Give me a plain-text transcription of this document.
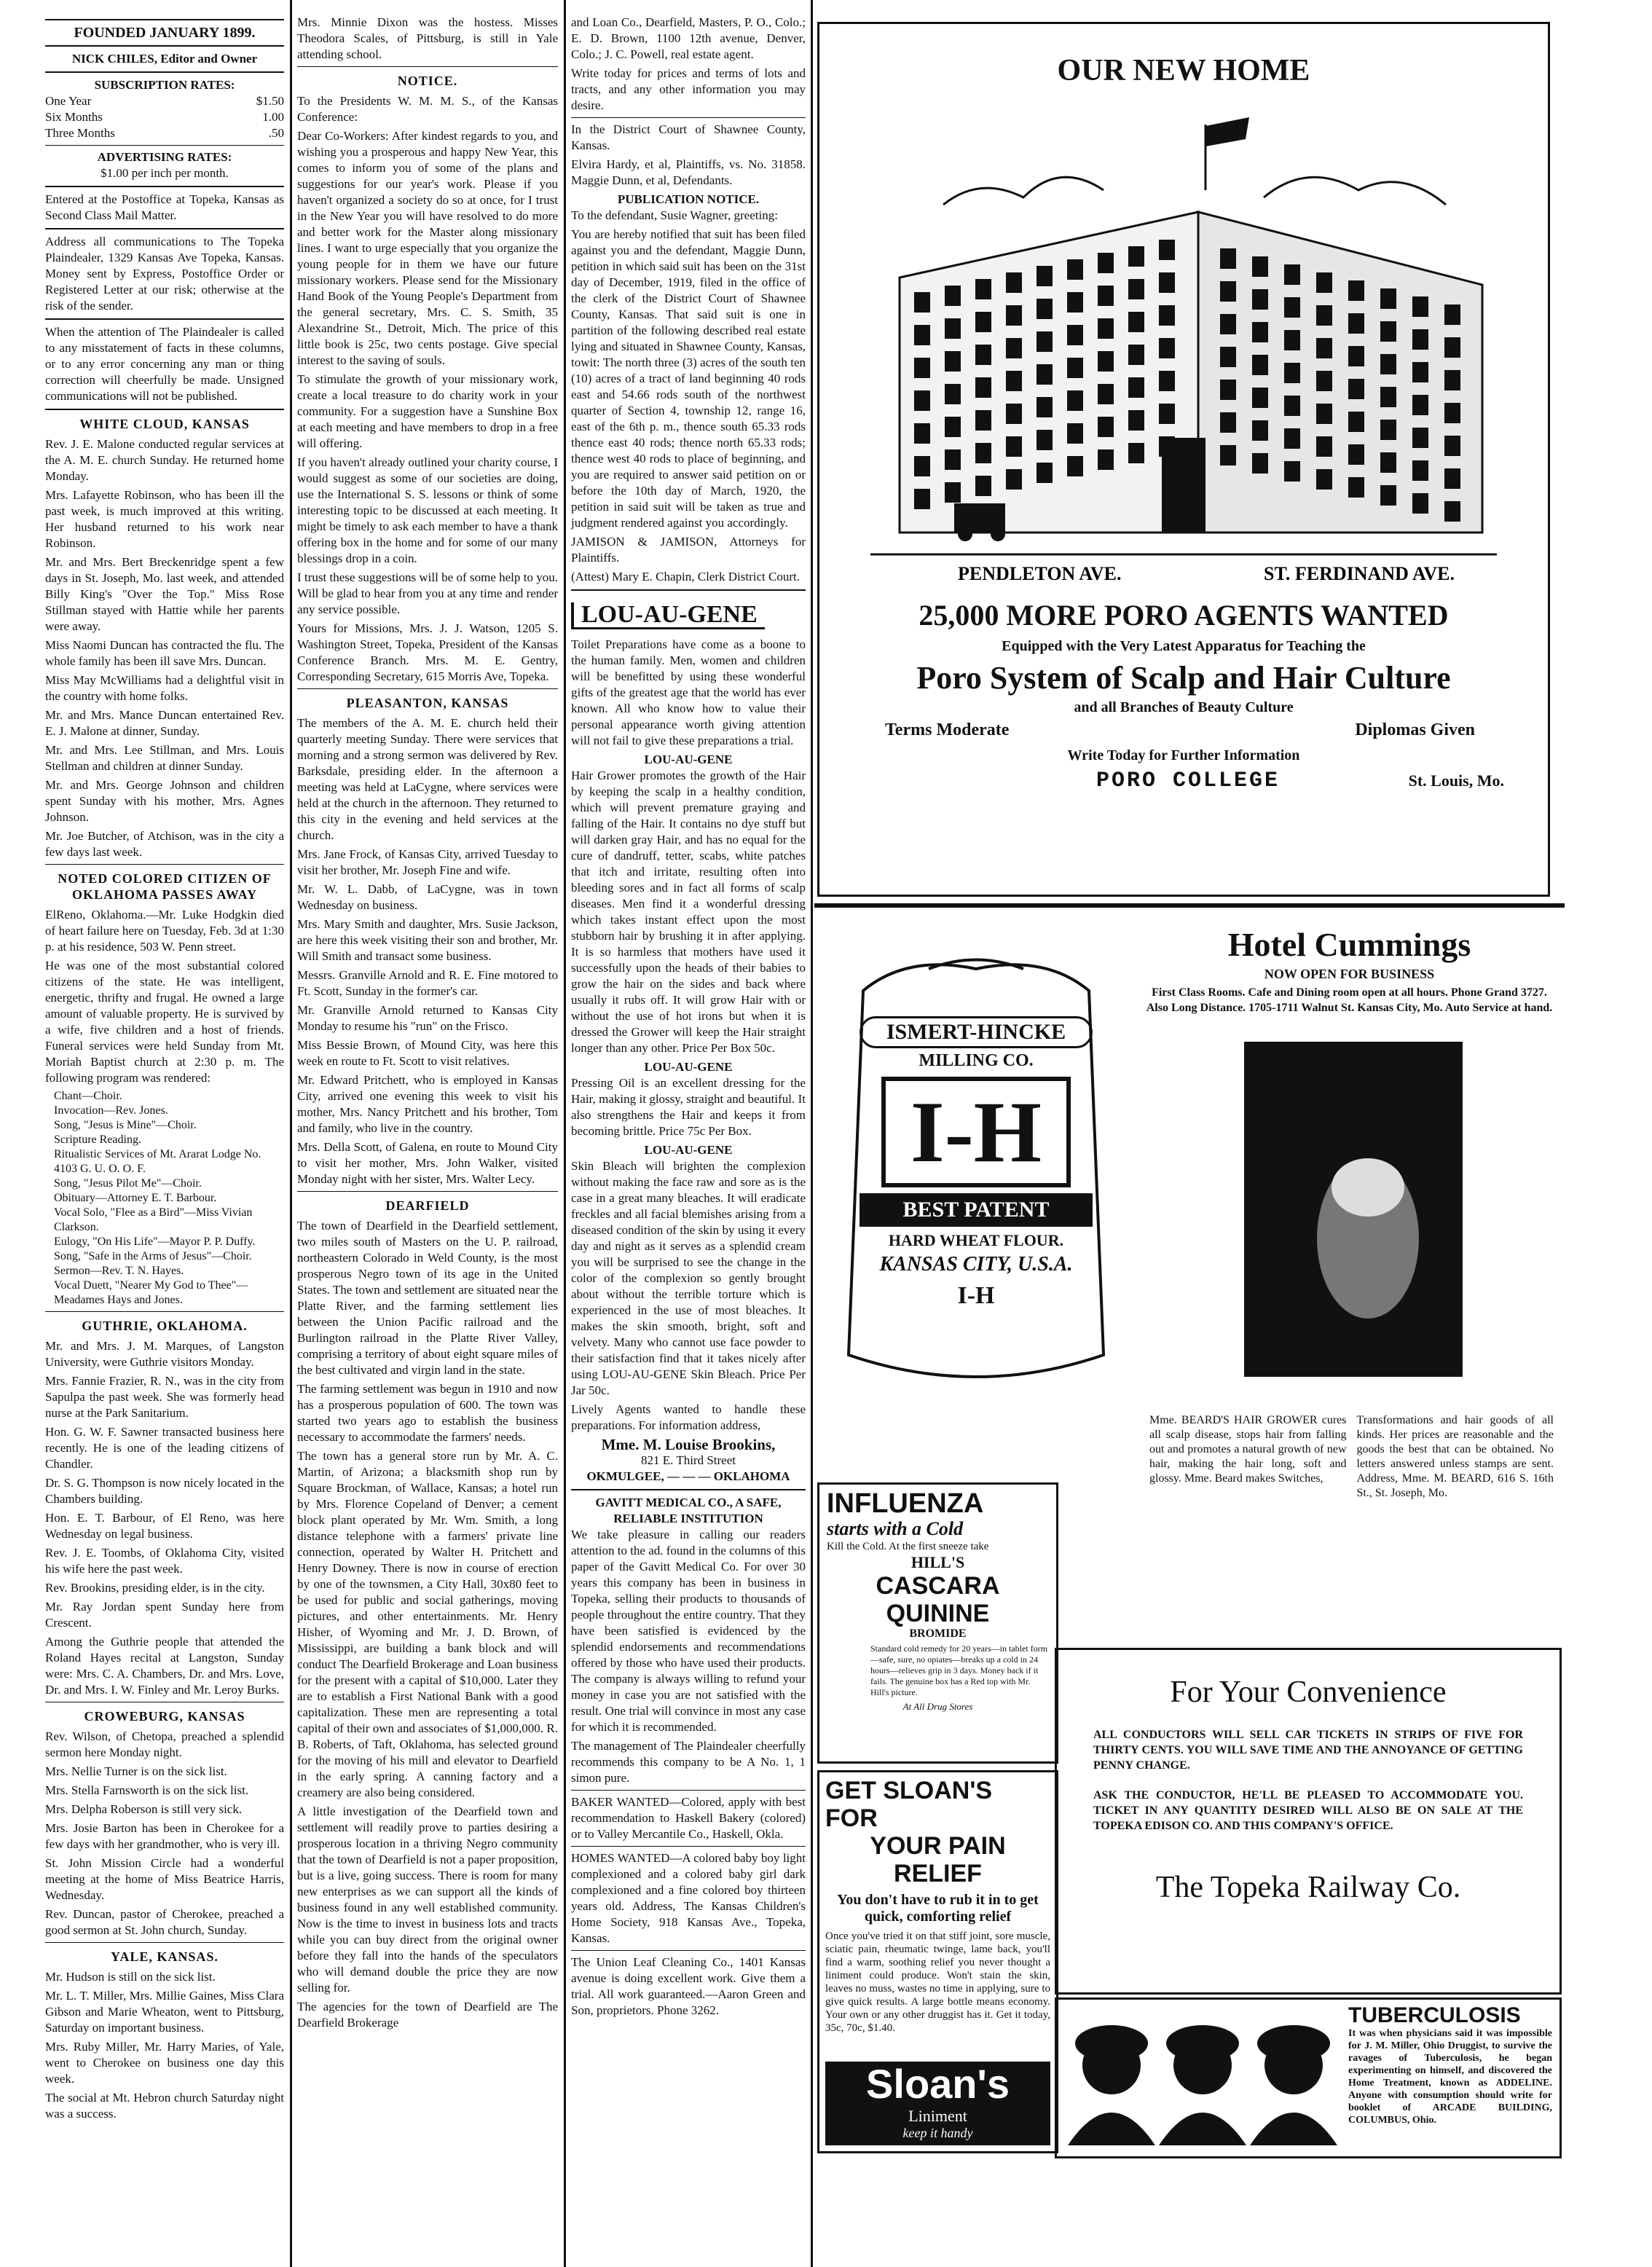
FOUNDED JANUARY 1899.
NICK CHILES, Editor and Owner
SUBSCRIPTION RATES:
One Year	$1.50
Six Months	1.00
Three Months	.50
ADVERTISING RATES:
$1.00 per inch per month.

Entered at the Postoffice at Topeka, Kansas as Second Class Mail Matter.

Address all communications to The Topeka Plaindealer, 1329 Kansas Ave Topeka, Kansas. Money sent by Express, Postoffice Order or Registered Letter at our risk; otherwise at the risk of the sender.

When the attention of The Plaindealer is called to any misstatement of facts in these columns, or to any error concerning any man or thing correction will cheerfully be made. Unsigned communications will not be published.

WHITE CLOUD, KANSAS

Rev. J. E. Malone conducted regular services at the A. M. E. church Sunday. He returned home Monday.

Mrs. Lafayette Robinson, who has been ill the past week, is much improved at this writing. Her husband returned to his work near Robinson.

Mr. and Mrs. Bert Breckenridge spent a few days in St. Joseph, Mo. last week, and attended Billy King's "Over the Top." Miss Rose Stillman stayed with Hattie while her parents were away.

Miss Naomi Duncan has contracted the flu. The whole family has been ill save Mrs. Duncan.

Miss May McWilliams had a delightful visit in the country with home folks.

Mr. and Mrs. Mance Duncan entertained Rev. E. J. Malone at dinner, Sunday.

Mr. and Mrs. Lee Stillman, and Mrs. Louis Stellman and children at dinner Sunday.

Mr. and Mrs. George Johnson and children spent Sunday with his mother, Mrs. Agnes Johnson.

Mr. Joe Butcher, of Atchison, was in the city a few days last week.

NOTED COLORED CITIZEN OF OKLAHOMA PASSES AWAY

ElReno, Oklahoma.—Mr. Luke Hodgkin died of heart failure here on Tuesday, Feb. 3d at 1:30 p. at his residence, 503 W. Penn street.

He was one of the most substantial colored citizens of the state. He was intelligent, energetic, thrifty and frugal. He owned a large amount of valuable property. He is survived by a wife, five children and a host of friends. Funeral services were held Sunday from Mt. Moriah Baptist church at 2:30 p. m. The following program was rendered:

Chant—Choir.
Invocation—Rev. Jones.
Song, "Jesus is Mine"—Choir.
Scripture Reading.
Ritualistic Services of Mt. Ararat Lodge No. 4103 G. U. O. O. F.
Song, "Jesus Pilot Me"—Choir.
Obituary—Attorney E. T. Barbour.
Vocal Solo, "Flee as a Bird"—Miss Vivian Clarkson.
Eulogy, "On His Life"—Mayor P. P. Duffy.
Song, "Safe in the Arms of Jesus"—Choir.
Sermon—Rev. T. N. Hayes.
Vocal Duett, "Nearer My God to Thee"—Meadames Hays and Jones.
GUTHRIE, OKLAHOMA.

Mr. and Mrs. J. M. Marques, of Langston University, were Guthrie visitors Monday.

Mrs. Fannie Frazier, R. N., was in the city from Sapulpa the past week. She was formerly head nurse at the Park Sanitarium.

Hon. G. W. F. Sawner transacted business here recently. He is one of the leading citizens of Chandler.

Dr. S. G. Thompson is now nicely located in the Chambers building.

Hon. E. T. Barbour, of El Reno, was here Wednesday on legal business.

Rev. J. E. Toombs, of Oklahoma City, visited his wife here the past week.

Rev. Brookins, presiding elder, is in the city.

Mr. Ray Jordan spent Sunday here from Crescent.

Among the Guthrie people that attended the Roland Hayes recital at Langston, Sunday were: Mrs. C. A. Chambers, Dr. and Mrs. Love, Dr. and Mrs. I. W. Finley and Mr. Leroy Burks.

CROWEBURG, KANSAS

Rev. Wilson, of Chetopa, preached a splendid sermon here Monday night.

Mrs. Nellie Turner is on the sick list.

Mrs. Stella Farnsworth is on the sick list.

Mrs. Delpha Roberson is still very sick.

Mrs. Josie Barton has been in Cherokee for a few days with her grandmother, who is very ill.

St. John Mission Circle had a wonderful meeting at the home of Miss Beatrice Harris, Wednesday.

Rev. Duncan, pastor of Cherokee, preached a good sermon at St. John church, Sunday.

YALE, KANSAS.

Mr. Hudson is still on the sick list.

Mr. L. T. Miller, Mrs. Millie Gaines, Miss Clara Gibson and Marie Wheaton, went to Pittsburg, Saturday on important business.

Mrs. Ruby Miller, Mr. Harry Maries, of Yale, went to Cherokee on business one day this week.

The social at Mt. Hebron church Saturday night was a success.

Mrs. Minnie Dixon was the hostess. Misses Theodora Scales, of Pittsburg, is still in Yale attending school.

NOTICE.

To the Presidents W. M. M. S., of the Kansas Conference:

Dear Co-Workers: After kindest regards to you, and wishing you a prosperous and happy New Year, this comes to inform you of some of the plans and suggestions for our year's work. Please if you haven't organized a society do so at once, for I trust in the New Year you will have resolved to do more and better work for the Master along missionary lines. I want to urge especially that you organize the young people for in them we have our future missionary workers. Please send for the Missionary Hand Book of the Young People's Department from the general secretary, Mrs. C. S. Smith, 35 Alexandrine St., Detroit, Mich. The price of this little book is 25c, two cents postage. Give special interest to the saving of souls.

To stimulate the growth of your missionary work, create a local treasure to do charity work in your community. For a suggestion have a Sunshine Box at each meeting and have members to drop in a free will offering.

If you haven't already outlined your charity course, I would suggest as some of our societies are doing, use the International S. S. lessons or think of some interesting topic to be discussed at each meeting. It might be timely to ask each member to have a thank offering box in the home and for some of our many blessings drop in a coin.

I trust these suggestions will be of some help to you. Will be glad to hear from you at any time and render any service possible.

Yours for Missions, Mrs. J. J. Watson, 1205 S. Washington Street, Topeka, President of the Kansas Conference Branch. Mrs. M. E. Gentry, Corresponding Secretary, 615 Morris Ave, Topeka.

PLEASANTON, KANSAS

The members of the A. M. E. church held their quarterly meeting Sunday. There were services that morning and a strong sermon was delivered by Rev. Barksdale, presiding elder. In the afternoon a meeting was held at LaCygne, where services were held at the church in the afternoon. They returned to this city in the evening and held services at the church.

Mrs. Jane Frock, of Kansas City, arrived Tuesday to visit her brother, Mr. Joseph Fine and wife.

Mr. W. L. Dabb, of LaCygne, was in town Wednesday on business.

Mrs. Mary Smith and daughter, Mrs. Susie Jackson, are here this week visiting their son and brother, Mr. Will Smith and transact some business.

Messrs. Granville Arnold and R. E. Fine motored to Ft. Scott, Sunday in the former's car.

Mr. Granville Arnold returned to Kansas City Monday to resume his "run" on the Frisco.

Miss Bessie Brown, of Mound City, was here this week en route to Ft. Scott to visit relatives.

Mr. Edward Pritchett, who is employed in Kansas City, arrived one evening this week to visit his mother, Mrs. Nancy Pritchett and his brother, Tom and family, who live in the country.

Mrs. Della Scott, of Galena, en route to Mound City to visit her mother, Mrs. John Walker, visited Monday night with her sister, Mrs. Walter Lecy.

DEARFIELD

The town of Dearfield in the Dearfield settlement, two miles south of Masters on the U. P. railroad, northeastern Colorado in Weld County, is the most prosperous Negro town of its age in the United States. The town and settlement are situated near the Platte River, and the farming settlement lies between the Union Pacific railroad and the Burlington railroad in the Platte River Valley, comprising a territory of about eight square miles of the best cultivated and virgin land in the state.

The farming settlement was begun in 1910 and now has a prosperous population of 600. The town was started two years ago to establish the business necessary to accommodate the farmers' needs.

The town has a general store run by Mr. A. C. Martin, of Arizona; a blacksmith shop run by Square Brockman, of Wallace, Kansas; a hotel run by Mrs. Florence Copeland of Denver; a cement block plant operated by Mr. Wm. Smith, a long distance telephone with a farmers' private line connection, operated by Walter H. Pritchett and Henry Downey. There is now in course of erection by one of the townsmen, a City Hall, 30x80 feet to be used for public and social gatherings, moving pictures, and other entertainments. Mr. Henry Hisher, of Wyoming and Mr. J. D. Brown, of Mississippi, are building a bank block and will conduct The Dearfield Brokerage and Loan business for the present with a capital of $10,000. Later they are to establish a First National Bank with a good capitalization. These men are representing a total capital of their own and associates of $1,000,000. R. B. Roberts, of Taft, Oklahoma, has selected ground for the moving of his mill and elevator to Dearfield in the early spring. A canning factory and a creamery are also being considered.

A little investigation of the Dearfield town and settlement will readily prove to parties desiring a prosperous location in a thriving Negro community that the town of Dearfield is not a paper proposition, but is a live, going success. There is room for many new enterprises as we can support all the kinds of business found in any well established community. Now is the time to invest in business lots and tracts while you can buy direct from the original owner before they fall into the hands of the speculators who will demand double the price they are now selling for.

The agencies for the town of Dearfield are The Dearfield Brokerage

and Loan Co., Dearfield, Masters, P. O., Colo.; E. D. Brown, 1100 12th avenue, Denver, Colo.; J. C. Powell, real estate agent.

Write today for prices and terms of lots and tracts, and any other information you may desire.

In the District Court of Shawnee County, Kansas.

Elvira Hardy, et al, Plaintiffs, vs. No. 31858. Maggie Dunn, et al, Defendants.

PUBLICATION NOTICE.

To the defendant, Susie Wagner, greeting:

You are hereby notified that suit has been filed against you and the defendant, Maggie Dunn, petition in which said suit has been on the 31st day of December, 1919, filed in the office of the clerk of the District Court of Shawnee County, Kansas. That said suit is one in partition of the following described real estate lying and situated in Shawnee County, Kansas, towit: The north three (3) acres of the south ten (10) acres of a tract of land beginning 40 rods east and 54.66 rods south of the northwest quarter of Section 4, township 12, range 16, east of the 6th p. m., thence south 65.33 rods thence east 40 rods; thence north 65.33 rods; thence west 40 rods to place of beginning, and you are required to answer said petition on or before the 10th day of March, 1920, the petition in said suit will be taken as true and judgment rendered against you accordingly.

JAMISON & JAMISON, Attorneys for Plaintiffs.

(Attest) Mary E. Chapin, Clerk District Court.

LOU-AU-GENE

Toilet Preparations have come as a boone to the human family. Men, women and children will be benefitted by using these wonderful gifts of the greatest age that the world has ever known. All who know how to value their personal appearance worth giving attention will not fail to give these preparations a trial.

LOU-AU-GENE

Hair Grower promotes the growth of the Hair by keeping the scalp in a healthy condition, which will prevent premature graying and falling of the Hair. It contains no dye stuff but will darken gray Hair, and has no equal for the cure of dandruff, tetter, scabs, white patches that itch and irritate, resulting often into bleeding sores and in fact all forms of scalp diseases. Men find it a wonderful dressing which takes instant effect upon the most stubborn hair by brushing it in after applying. It is so harmless that mothers have used it successfully upon the heads of their babies to grow the hair on the sides and back where usually it rubs off. It will grow Hair with or without the use of hot irons but when it is dressed the Grower will keep the Hair straight longer than any other. Price Per Box 50c.

LOU-AU-GENE

Pressing Oil is an excellent dressing for the Hair, making it glossy, straight and beautiful. It also strengthens the Hair and keeps it from becoming brittle. Price 75c Per Box.

LOU-AU-GENE

Skin Bleach will brighten the complexion without making the face raw and sore as is the case in a great many bleaches. It will eradicate freckles and all facial blemishes arising from a diseased condition of the skin by using it every day and night as it serves as a splendid cream you will be surprised to see the change in the color of the complexion so gently brought about without the terrible torture which is experienced in the use of most bleaches. It makes the skin smooth, bright, soft and velvety. Many who cannot use face powder to their satisfaction find that it takes nicely after using LOU-AU-GENE Skin Bleach. Price Per Jar 50c.

Lively Agents wanted to handle these preparations. For information address,

Mme. M. Louise Brookins,
821 E. Third Street
OKMULGEE, — — — OKLAHOMA
GAVITT MEDICAL CO., A SAFE, RELIABLE INSTITUTION

We take pleasure in calling our readers attention to the ad. found in the columns of this paper of the Gavitt Medical Co. For over 30 years this company has been in business in Topeka, selling their products to thousands of people throughout the entire country. That they have been satisfied is evidenced by the splendid endorsements and recommendations offered by those who have used their products. The company is always willing to refund your money in case you are not satisfied with the result. One trial will convince in most any case for which it is recommended.

The management of The Plaindealer cheerfully recommends this company to be A No. 1, 1 simon pure.

BAKER WANTED—Colored, apply with best recommendation to Haskell Bakery (colored) or to Valley Mercantile Co., Haskell, Okla.

HOMES WANTED—A colored baby boy light complexioned and a colored baby girl dark complexioned and a fine colored boy thirteen years old. Address, The Kansas Children's Home Society, 918 Kansas Ave., Topeka, Kansas.

The Union Leaf Cleaning Co., 1401 Kansas avenue is doing excellent work. Give them a trial. All work guaranteed.—Aaron Green and Son, proprietors. Phone 3262.

OUR NEW HOME
PENDLETON AVE.	ST. FERDINAND AVE.
25,000 MORE PORO AGENTS WANTED
Equipped with the Very Latest Apparatus for Teaching the
Poro System of Scalp and Hair Culture
and all Branches of Beauty Culture
Terms Moderate	Diplomas Given
Write Today for Further Information
PORO COLLEGE	St. Louis, Mo.
ISMERT-HINCKE
MILLING CO.
I-H
BEST PATENT
HARD WHEAT FLOUR.
KANSAS CITY, U.S.A.
I-H
Hotel Cummings
NOW OPEN FOR BUSINESS
First Class Rooms. Cafe and Dining room open at all hours. Phone Grand 3727. Also Long Distance. 1705-1711 Walnut St. Kansas City, Mo. Auto Service at hand.
Mme. BEARD'S HAIR GROWER cures all scalp disease, stops hair from falling out and promotes a natural growth of new hair, making the hair long, soft and glossy. Mme. Beard makes Switches,
Transformations and hair goods of all kinds. Her prices are reasonable and the goods the best that can be obtained. No letters answered unless stamps are sent. Address, Mme. M. BEARD, 616 S. 16th St., St. Joseph, Mo.
INFLUENZA
starts with a Cold
Kill the Cold. At the first sneeze take
HILL'S
CASCARA QUININE
BROMIDE
Standard cold remedy for 20 years—in tablet form—safe, sure, no opiates—breaks up a cold in 24 hours—relieves grip in 3 days. Money back if it fails. The genuine box has a Red top with Mr. Hill's picture.
At All Drug Stores
GET SLOAN'S FOR
YOUR PAIN RELIEF
You don't have to rub it in to get quick, comforting relief
Once you've tried it on that stiff joint, sore muscle, sciatic pain, rheumatic twinge, lame back, you'll find a warm, soothing relief you never thought a liniment could produce. Won't stain the skin, leaves no muss, wastes no time in applying, sure to give quick results. A large bottle means economy. Your own or any other druggist has it. Get it today, 35c, 70c, $1.40.
Sloan's
Liniment
keep it handy
For Your Convenience
ALL CONDUCTORS WILL SELL CAR TICKETS IN STRIPS OF FIVE FOR THIRTY CENTS. YOU WILL SAVE TIME AND THE ANNOYANCE OF GETTING PENNY CHANGE.
ASK THE CONDUCTOR, HE'LL BE PLEASED TO ACCOMMODATE YOU. TICKET IN ANY QUANTITY DESIRED WILL ALSO BE ON SALE AT THE TOPEKA EDISON CO. AND THIS COMPANY'S OFFICE.
The Topeka Railway Co.
TUBERCULOSIS
It was when physicians said it was impossible for J. M. Miller, Ohio Druggist, to survive the ravages of Tuberculosis, he began experimenting on himself, and discovered the Home Treatment, known as ADDELINE. Anyone with consumption should write for booklet of ARCADE BUILDING, COLUMBUS, Ohio.
